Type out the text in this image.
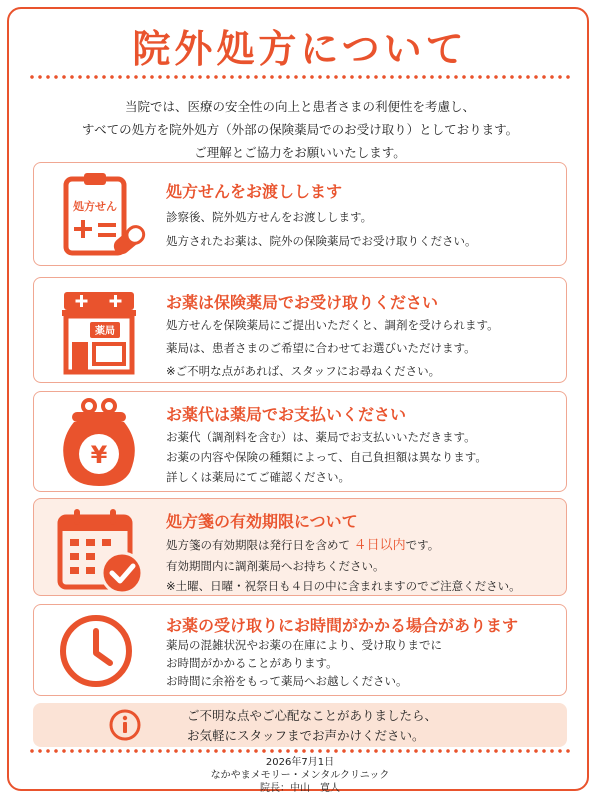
院外処方について
当院では、医療の安全性の向上と患者さまの利便性を考慮し、
すべての処方を院外処方（外部の保険薬局でのお受け取り）としております。
ご理解とご協力をお願いいたします。
処方せん
処方せんをお渡しします
診察後、院外処方せんをお渡しします。
処方されたお薬は、院外の保険薬局でお受け取りください。
薬局
お薬は保険薬局でお受け取りください
処方せんを保険薬局にご提出いただくと、調剤を受けられます。
薬局は、患者さまのご希望に合わせてお選びいただけます。
※ご不明な点があれば、スタッフにお尋ねください。
¥
お薬代は薬局でお支払いください
お薬代（調剤料を含む）は、薬局でお支払いいただきます。
お薬の内容や保険の種類によって、自己負担額は異なります。
詳しくは薬局にてご確認ください。
処方箋の有効期限について
処方箋の有効期限は発行日を含めて ４日以内です。
有効期間内に調剤薬局へお持ちください。
※土曜、日曜・祝祭日も４日の中に含まれますのでご注意ください。
お薬の受け取りにお時間がかかる場合があります
薬局の混雑状況やお薬の在庫により、受け取りまでに
お時間がかかることがあります。
お時間に余裕をもって薬局へお越しください。
ご不明な点やご心配なことがありましたら、
お気軽にスタッフまでお声かけください。
2026年7月1日
なかやまメモリー・メンタルクリニック
院長：中山　寛人
